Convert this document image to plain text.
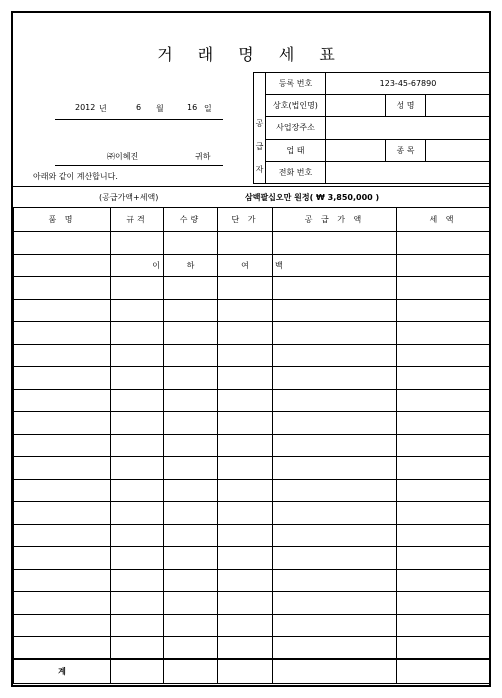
거 래 명 세 표
2012 년	6 월	16 일
㈜이혜진	귀하
아래와 같이 계산합니다.
공
급
자	등록 번호	123-45-67890		
	상호(법인명)		성 명	
	사업장주소			
	업 태		종 목	
	전화 번호			
(공급가액+세액)	삼백팔십오만 원정( ₩ 3,850,000 )
품 명	규격	수량	단 가	공 급 가 액	세 액

	이	하	여	백	

계					
